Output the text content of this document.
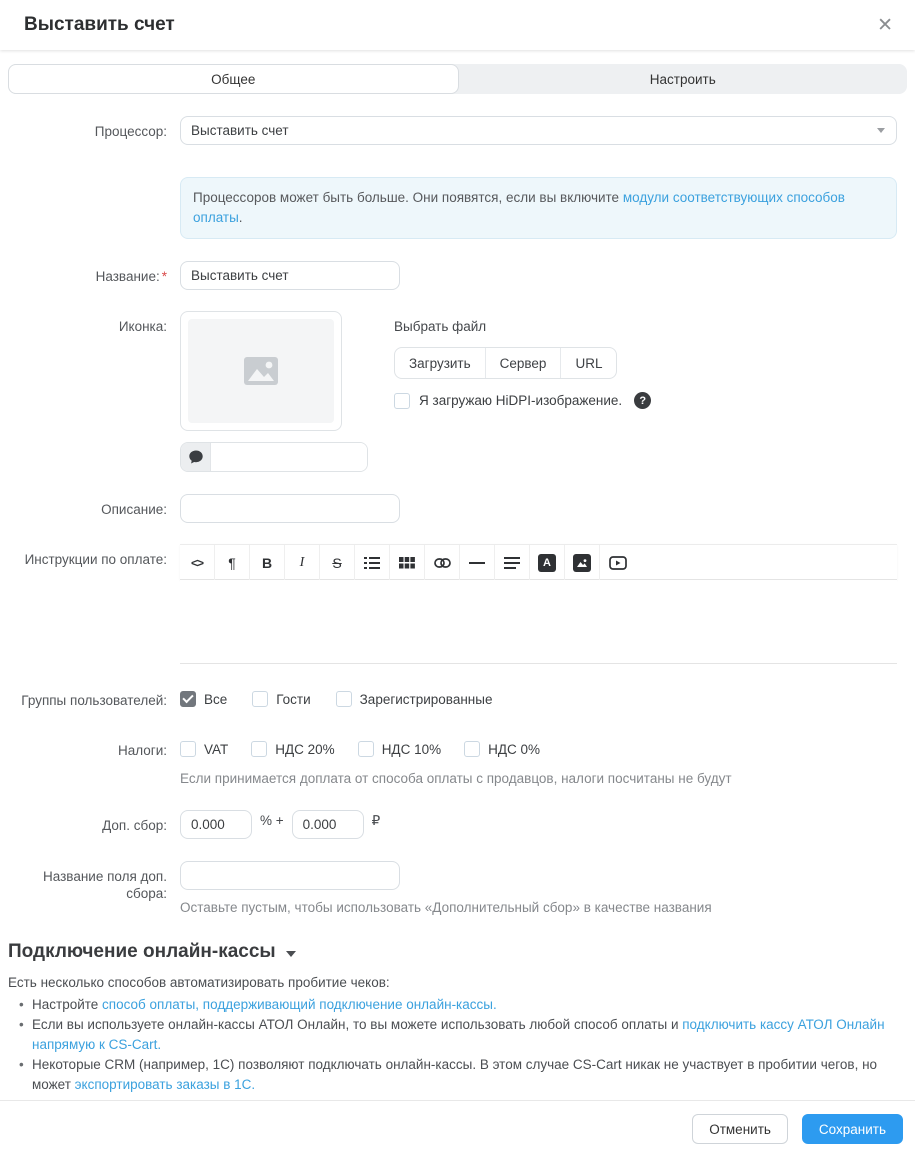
Выставить счет	✕
Общее	Настроить
Процессор:	Выставить счет
Процессоров может быть больше. Они появятся, если вы включите модули соответствующих способов оплаты.
Название: *
Выставить счет
Иконка:	Выбрать файл
Загрузить	Сервер	URL
Я загружаю HiDPI-изображение.	?
Описание:
Инструкции по оплате:	<> ¶ B I S	A
Группы пользователей:	Все	Гости	Зарегистрированные
Налоги:	VAT	НДС 20%	НДС 10%	НДС 0%
Если принимается доплата от способа оплаты с продавцов, налоги посчитаны не будут
Доп. сбор:
0.000	% +
0.000	₽
Название поля доп. сбора:
Оставьте пустым, чтобы использовать «Дополнительный сбор» в качестве названия
Подключение онлайн-кассы
Есть несколько способов автоматизировать пробитие чеков:
• Настройте способ оплаты, поддерживающий подключение онлайн-кассы.
• Если вы используете онлайн-кассы АТОЛ Онлайн, то вы можете использовать любой способ оплаты и подключить кассу АТОЛ Онлайн напрямую к CS-Cart.
• Некоторые CRM (например, 1С) позволяют подключать онлайн-кассы. В этом случае CS-Cart никак не участвует в пробитии чегов, но может экспортировать заказы в 1С.
Отменить	Сохранить
